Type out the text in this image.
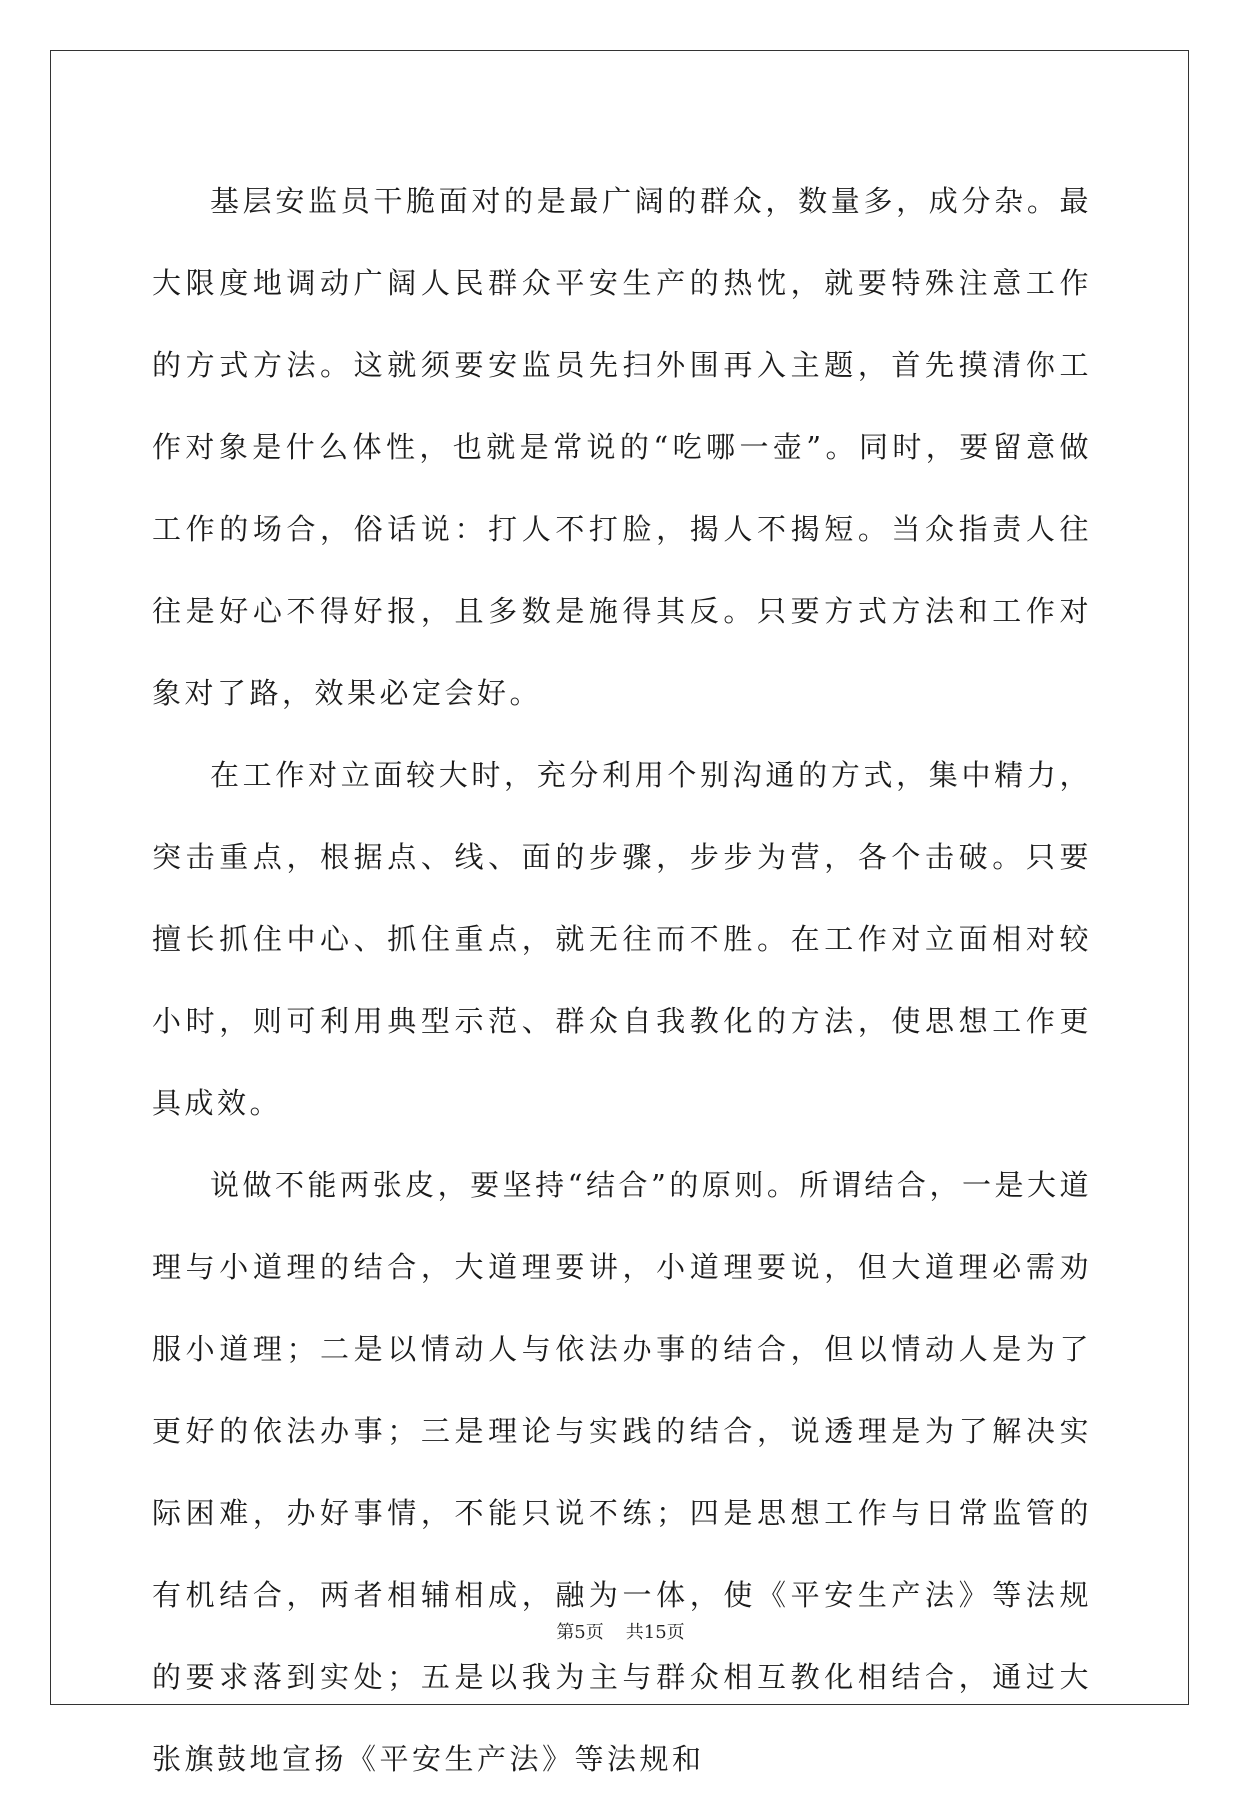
基层安监员干脆面对的是最广阔的群众，数量多，成分杂。最大限度地调动广阔人民群众平安生产的热忱，就要特殊注意工作的方式方法。这就须要安监员先扫外围再入主题，首先摸清你工作对象是什么体性，也就是常说的“吃哪一壶”。同时，要留意做工作的场合，俗话说：打人不打脸，揭人不揭短。当众指责人往往是好心不得好报，且多数是施得其反。只要方式方法和工作对象对了路，效果必定会好。

在工作对立面较大时，充分利用个别沟通的方式，集中精力，突击重点，根据点、线、面的步骤，步步为营，各个击破。只要擅长抓住中心、抓住重点，就无往而不胜。在工作对立面相对较小时，则可利用典型示范、群众自我教化的方法，使思想工作更具成效。

说做不能两张皮，要坚持“结合”的原则。所谓结合，一是大道理与小道理的结合，大道理要讲，小道理要说，但大道理必需劝服小道理；二是以情动人与依法办事的结合，但以情动人是为了更好的依法办事；三是理论与实践的结合，说透理是为了解决实际困难，办好事情，不能只说不练；四是思想工作与日常监管的有机结合，两者相辅相成，融为一体，使《平安生产法》等法规的要求落到实处；五是以我为主与群众相互教化相结合，通过大张旗鼓地宣扬《平安生产法》等法规和

第5页 共15页
